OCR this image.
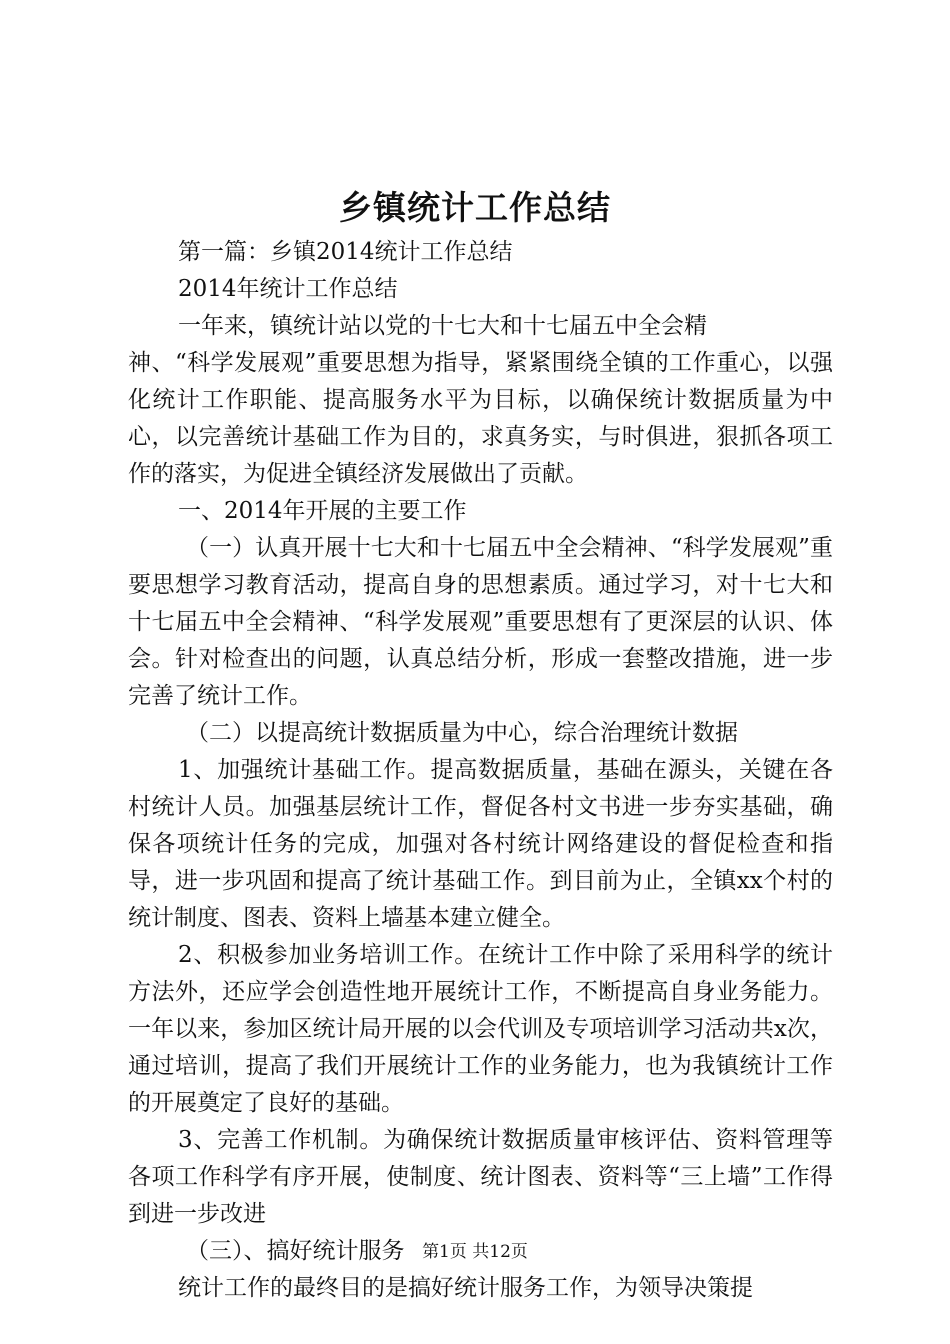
乡镇统计工作总结

第一篇：乡镇2014统计工作总结

2014年统计工作总结

一年来，镇统计站以党的十七大和十七届五中全会精

神、“科学发展观”重要思想为指导，紧紧围绕全镇的工作重心，以强化统计工作职能、提高服务水平为目标，以确保统计数据质量为中心，以完善统计基础工作为目的，求真务实，与时俱进，狠抓各项工作的落实，为促进全镇经济发展做出了贡献。

一、2014年开展的主要工作

（一）认真开展十七大和十七届五中全会精神、“科学发展观”重要思想学习教育活动，提高自身的思想素质。通过学习，对十七大和十七届五中全会精神、“科学发展观”重要思想有了更深层的认识、体会。针对检查出的问题，认真总结分析，形成一套整改措施，进一步完善了统计工作。

（二）以提高统计数据质量为中心，综合治理统计数据

1、加强统计基础工作。提高数据质量，基础在源头，关键在各村统计人员。加强基层统计工作，督促各村文书进一步夯实基础，确保各项统计任务的完成，加强对各村统计网络建设的督促检查和指导，进一步巩固和提高了统计基础工作。到目前为止，全镇xx个村的统计制度、图表、资料上墙基本建立健全。

2、积极参加业务培训工作。在统计工作中除了采用科学的统计方法外，还应学会创造性地开展统计工作，不断提高自身业务能力。一年以来，参加区统计局开展的以会代训及专项培训学习活动共x次，通过培训，提高了我们开展统计工作的业务能力，也为我镇统计工作的开展奠定了良好的基础。

3、完善工作机制。为确保统计数据质量审核评估、资料管理等各项工作科学有序开展，使制度、统计图表、资料等“三上墙”工作得到进一步改进

（三）、搞好统计服务

统计工作的最终目的是搞好统计服务工作，为领导决策提

第1页 共12页
